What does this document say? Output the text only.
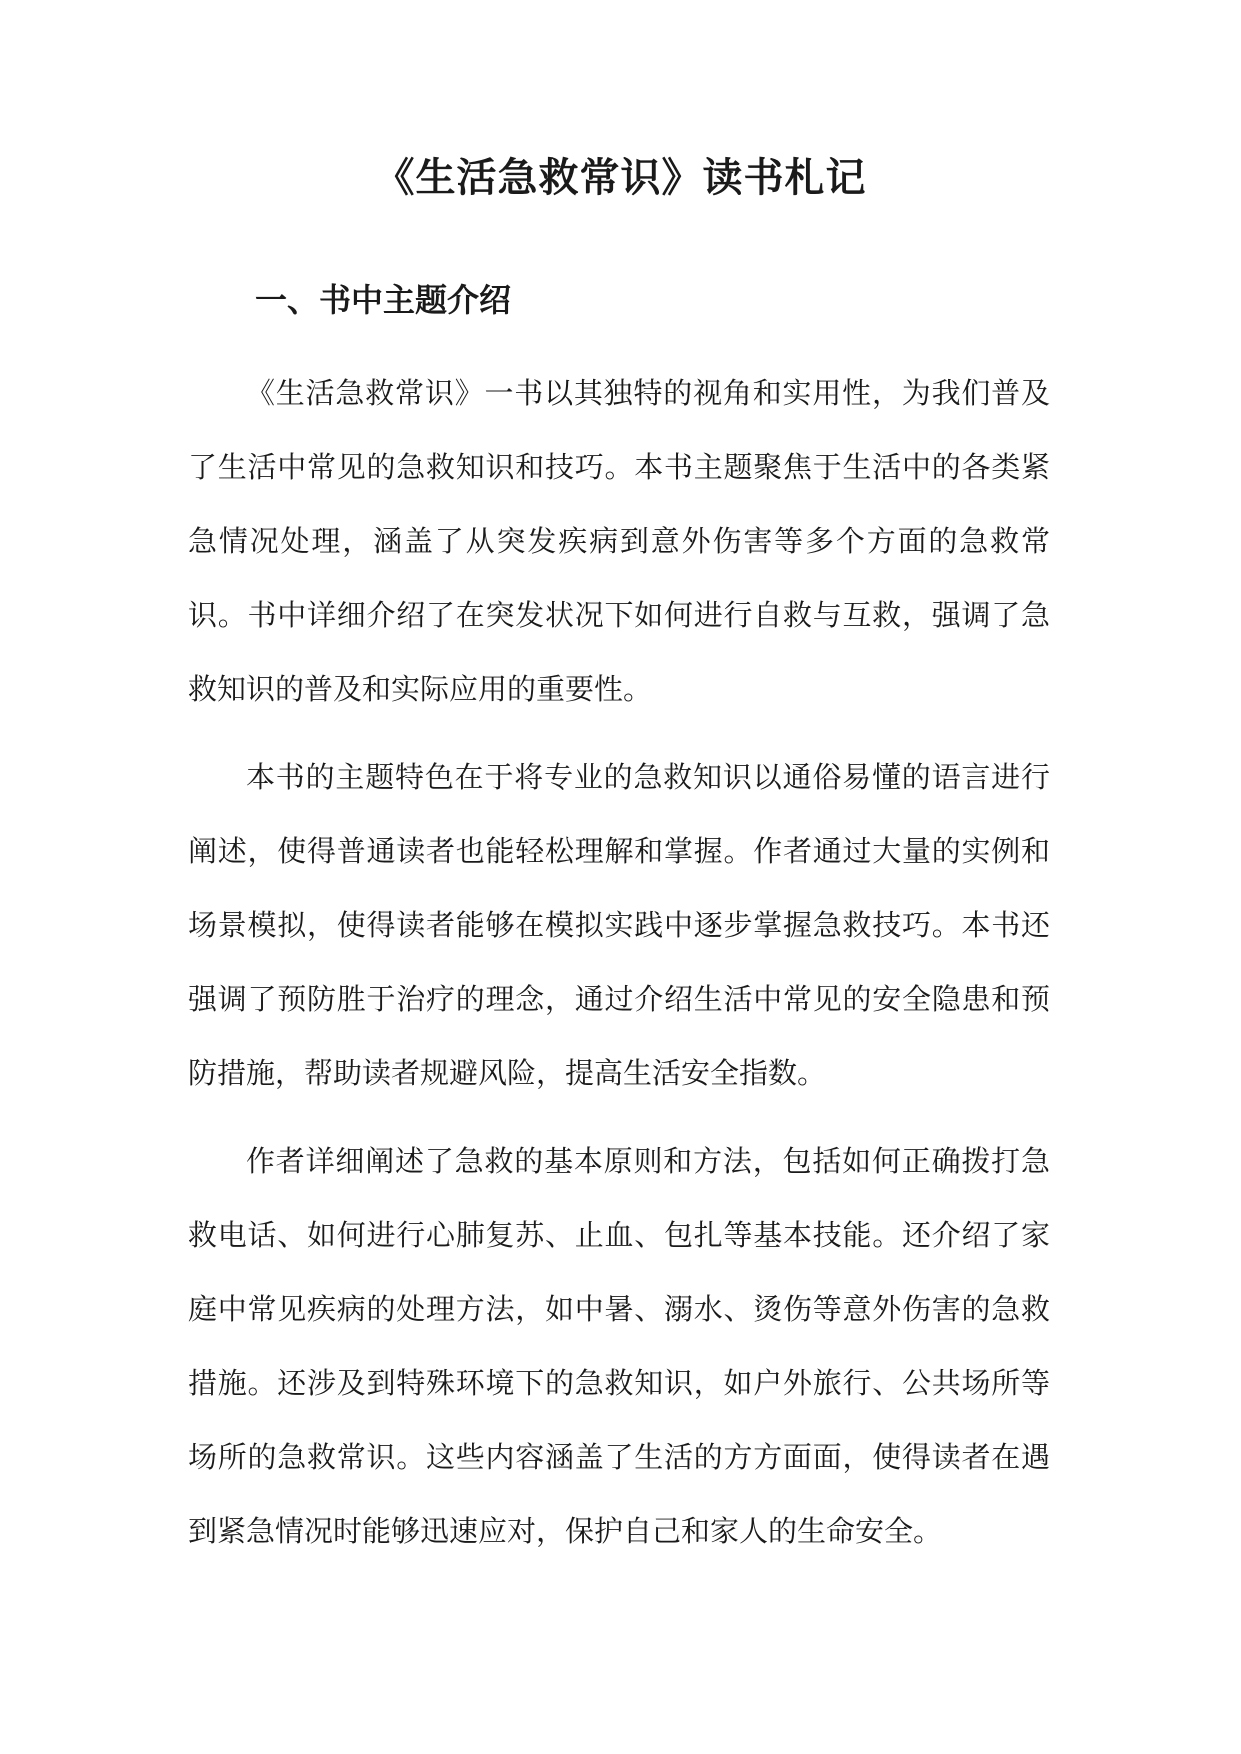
《生活急救常识》读书札记
一、书中主题介绍

《生活急救常识》一书以其独特的视角和实用性，为我们普及了生活中常见的急救知识和技巧。本书主题聚焦于生活中的各类紧急情况处理，涵盖了从突发疾病到意外伤害等多个方面的急救常识。书中详细介绍了在突发状况下如何进行自救与互救，强调了急救知识的普及和实际应用的重要性。

本书的主题特色在于将专业的急救知识以通俗易懂的语言进行阐述，使得普通读者也能轻松理解和掌握。作者通过大量的实例和场景模拟，使得读者能够在模拟实践中逐步掌握急救技巧。本书还强调了预防胜于治疗的理念，通过介绍生活中常见的安全隐患和预防措施，帮助读者规避风险，提高生活安全指数。

作者详细阐述了急救的基本原则和方法，包括如何正确拨打急救电话、如何进行心肺复苏、止血、包扎等基本技能。还介绍了家庭中常见疾病的处理方法，如中暑、溺水、烫伤等意外伤害的急救措施。还涉及到特殊环境下的急救知识，如户外旅行、公共场所等场所的急救常识。这些内容涵盖了生活的方方面面，使得读者在遇到紧急情况时能够迅速应对，保护自己和家人的生命安全。
